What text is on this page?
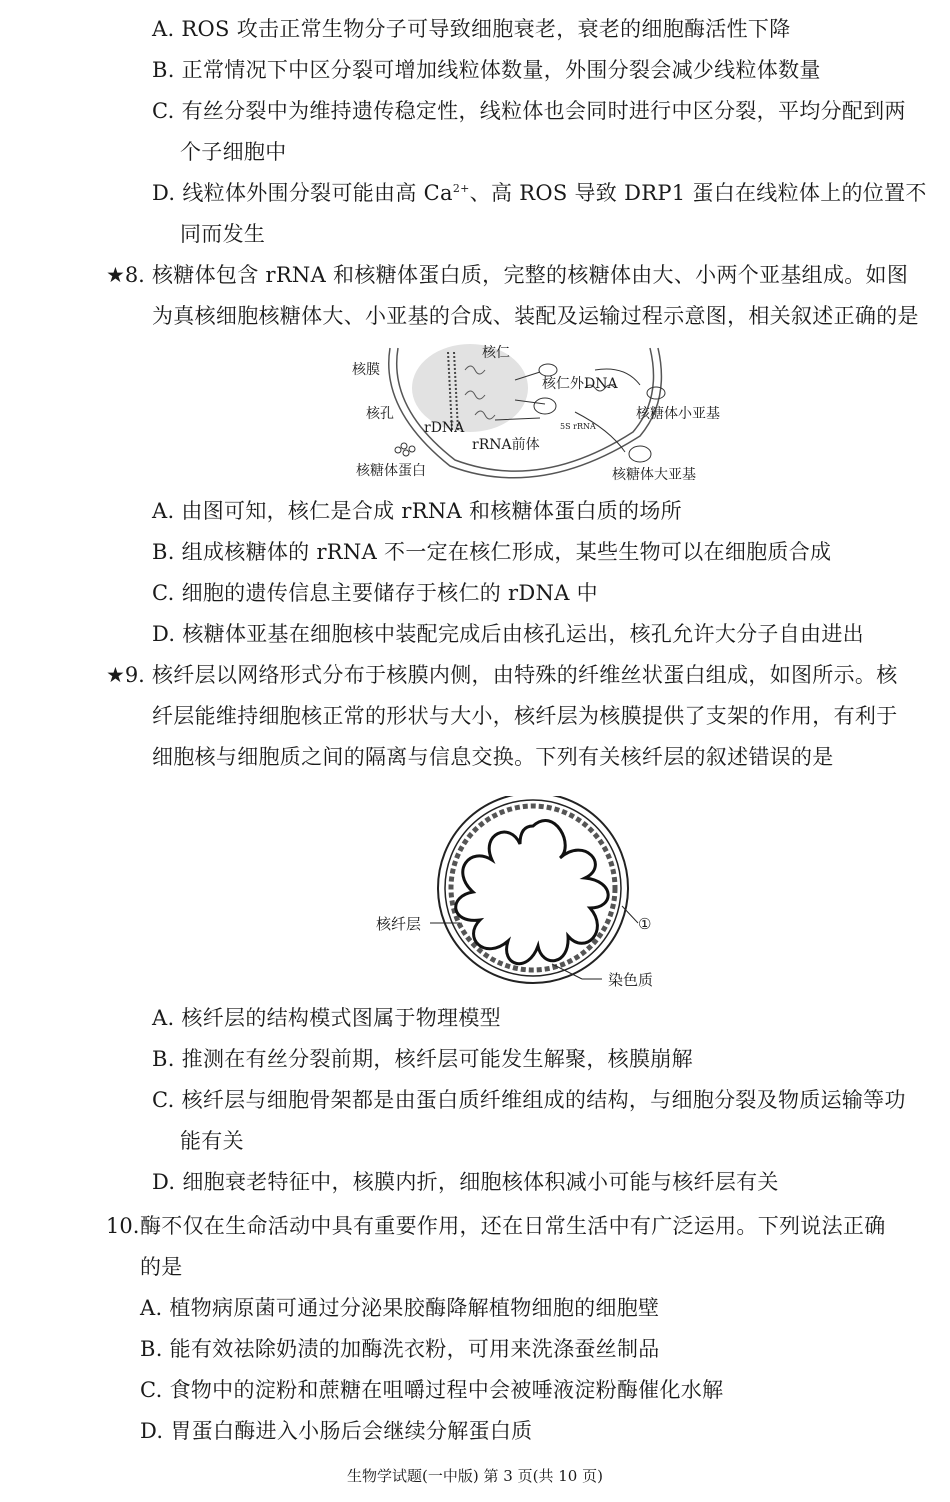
A. ROS 攻击正常生物分子可导致细胞衰老，衰老的细胞酶活性下降
B. 正常情况下中区分裂可增加线粒体数量，外围分裂会减少线粒体数量
C. 有丝分裂中为维持遗传稳定性，线粒体也会同时进行中区分裂，平均分配到两
个子细胞中
D. 线粒体外围分裂可能由高 $Ca^{2+}$、高 ROS 导致 DRP1 蛋白在线粒体上的位置不
同而发生
★8. 核糖体包含 rRNA 和核糖体蛋白质，完整的核糖体由大、小两个亚基组成。如图
为真核细胞核糖体大、小亚基的合成、装配及运输过程示意图，相关叙述正确的是
核膜
核仁
核仁外DNA
核孔
rDNA
核糖体小亚基
5S rRNA
rRNA前体
核糖体蛋白	核糖体大亚基
A. 由图可知，核仁是合成 rRNA 和核糖体蛋白质的场所
B. 组成核糖体的 rRNA 不一定在核仁形成，某些生物可以在细胞质合成
C. 细胞的遗传信息主要储存于核仁的 rDNA 中
D. 核糖体亚基在细胞核中装配完成后由核孔运出，核孔允许大分子自由进出
★9. 核纤层以网络形式分布于核膜内侧，由特殊的纤维丝状蛋白组成，如图所示。核
纤层能维持细胞核正常的形状与大小，核纤层为核膜提供了支架的作用，有利于
细胞核与细胞质之间的隔离与信息交换。下列有关核纤层的叙述错误的是
核纤层	①
染色质
A. 核纤层的结构模式图属于物理模型
B. 推测在有丝分裂前期，核纤层可能发生解聚，核膜崩解
C. 核纤层与细胞骨架都是由蛋白质纤维组成的结构，与细胞分裂及物质运输等功
能有关
D. 细胞衰老特征中，核膜内折，细胞核体积减小可能与核纤层有关
10. 酶不仅在生命活动中具有重要作用，还在日常生活中有广泛运用。下列说法正确
的是
A. 植物病原菌可通过分泌果胶酶降解植物细胞的细胞壁
B. 能有效祛除奶渍的加酶洗衣粉，可用来洗涤蚕丝制品
C. 食物中的淀粉和蔗糖在咀嚼过程中会被唾液淀粉酶催化水解
D. 胃蛋白酶进入小肠后会继续分解蛋白质
生物学试题(一中版) 第 3 页(共 10 页)
